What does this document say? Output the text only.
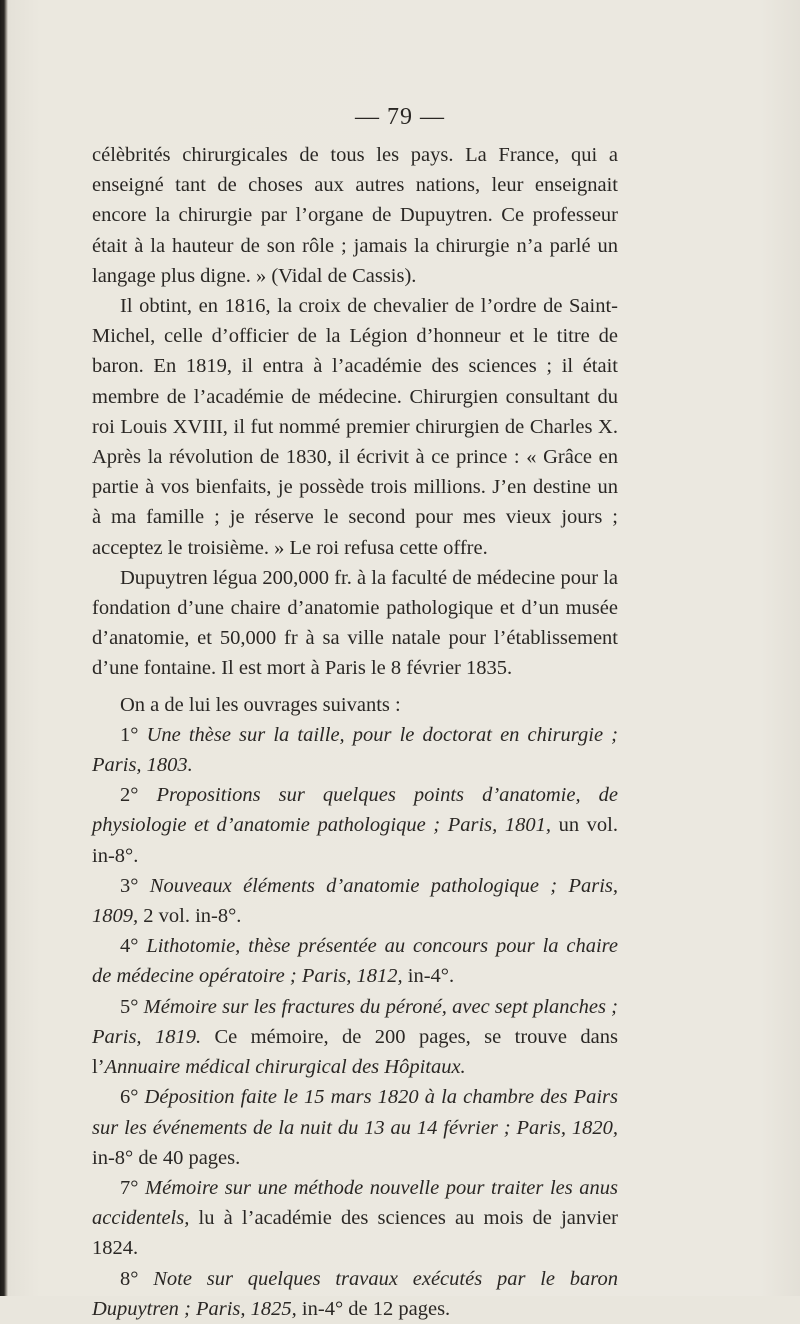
— 79 —

célèbrités chirurgicales de tous les pays. La France, qui a enseigné tant de choses aux autres nations, leur enseignait encore la chirurgie par l’organe de Dupuytren. Ce professeur était à la hauteur de son rôle ; jamais la chirurgie n’a parlé un langage plus digne. » (Vidal de Cassis).

Il obtint, en 1816, la croix de chevalier de l’ordre de Saint-Michel, celle d’officier de la Légion d’honneur et le titre de baron. En 1819, il entra à l’académie des sciences ; il était membre de l’académie de médecine. Chirurgien consultant du roi Louis XVIII, il fut nommé premier chirurgien de Charles X. Après la révolution de 1830, il écrivit à ce prince : « Grâce en partie à vos bienfaits, je possède trois millions. J’en destine un à ma famille ; je réserve le second pour mes vieux jours ; acceptez le troisième. » Le roi refusa cette offre.

Dupuytren légua 200,000 fr. à la faculté de médecine pour la fondation d’une chaire d’anatomie pathologique et d’un musée d’anatomie, et 50,000 fr à sa ville natale pour l’établissement d’une fontaine. Il est mort à Paris le 8 février 1835.

On a de lui les ouvrages suivants :

1° Une thèse sur la taille, pour le doctorat en chirurgie ; Paris, 1803.

2° Propositions sur quelques points d’anatomie, de physiologie et d’anatomie pathologique ; Paris, 1801, un vol. in-8°.

3° Nouveaux éléments d’anatomie pathologique ; Paris, 1809, 2 vol. in-8°.

4° Lithotomie, thèse présentée au concours pour la chaire de médecine opératoire ; Paris, 1812, in-4°.

5° Mémoire sur les fractures du péroné, avec sept planches ; Paris, 1819. Ce mémoire, de 200 pages, se trouve dans l’Annuaire médical chirurgical des Hôpitaux.

6° Déposition faite le 15 mars 1820 à la chambre des Pairs sur les événements de la nuit du 13 au 14 février ; Paris, 1820, in-8° de 40 pages.

7° Mémoire sur une méthode nouvelle pour traiter les anus accidentels, lu à l’académie des sciences au mois de janvier 1824.

8° Note sur quelques travaux exécutés par le baron Dupuytren ; Paris, 1825, in-4° de 12 pages.
